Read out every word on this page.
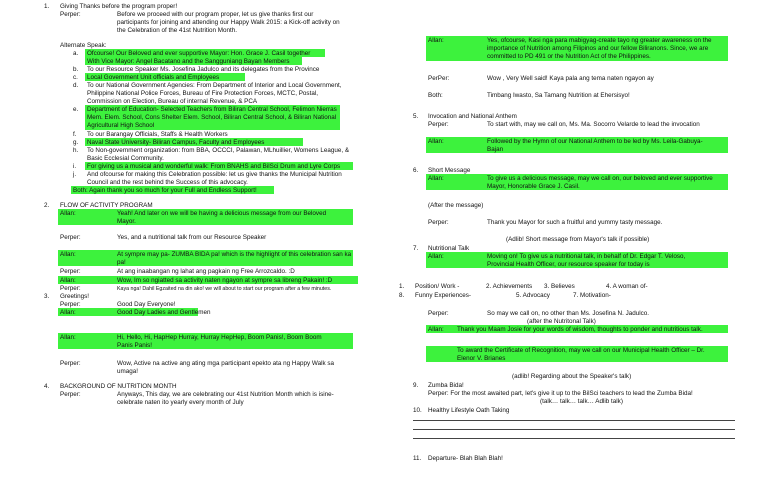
1. Giving Thanks before the program proper!
Perper:	Before we proceed with our program proper, let us give thanks first our
participants for joining and attending our Happy Walk 2015: a Kick-off activity on
the Celebration of the 41st Nutrition Month.
Alternate Speak:
a. Ofcourse! Our Beloved and ever supportive Mayor: Hon. Grace J. Casil together
With Vice Mayor: Angel Bacatano and the Sangguniang Bayan Members
b. To our Resource Speaker Ms. Josefina Jadulco and its delegates from the Province
c. Local Government Unit officials and Employees
d. To our National Government Agencies: From Department of Interior and Local Government,
Philippine National Police Forces, Bureau of Fire Protection Forces, MCTC, Postal,
Commission on Election, Bureau of internal Revenue, & PCA
e. Department of Education- Selected Teachers from Biliran Central School, Felimon Nierras
Mem. Elem. School, Cons Shelter Elem. School, Biliran Central School, & Biliran National
Agricultural High School
f. To our Barangay Officials, Staffs & Health Workers
g. Naval State University- Biliran Campus, Faculty and Employees
h. To Non-government organization: from BBA, OCCCI, Palawan, MLhuillier, Womens League, &
Basic Ecclesial Community.
i. For giving us a musical and wonderful walk: From BNAHS and BilSci Drum and Lyre Corps
j. And ofcourse for making this Celebration possible: let us give thanks the Municipal Nutrition
Council and the rest behind the Success of this advocacy.
Both: Again thank you so much for your Full and Endless Support!
2. FLOW OF ACTIVITY PROGRAM
Allan:	Yeah! And later on we will be having a delicious message from our Beloved
Mayor.
Perper:	Yes, and a nutritional talk from our Resource Speaker
Allan:	At sympre may pa- ZUMBA BIDA pa! which is the highlight of this celebration san ka
pa!
Perper:	At ang inaabangan ng lahat ang pagkain ng Free Arrozcaldo. :D
Allan:	Wow, Im so ngiatted sa activity naten ngayon at sympre sa libreng Pakain! :D
Perper:	Kaya nga! Dahil Egzaited na din ako! we will about to start our program after a few minutes.
3. Greetings!
Perper:	Good Day Everyone!
Allan:	Good Day Ladies and Gentlemen
Allan:	Hi, Hello, Hi, HapHep Hurray, Hurray HepHep, Boom Panis!, Boom Boom
Panis Panis!
Perper:	Wow, Active na active ang ating mga participant epekto ata ng Happy Walk sa
umaga!
4. BACKGROUND OF NUTRITION MONTH
Perper:	Anyways, This day, we are celebrating our 41st Nutrition Month which is isine-
celebrate naten ito yearly every month of July
Allan:	Yes, ofcourse, Kasi nga para mabigyag-create tayo ng greater awareness on the
importance of Nutrition among Filipinos and our fellow Biliranons. Since, we are
committed to PD 491 or the Nutrition Act of the Philippines.
PerPer:	Wow , Very Well said! Kaya pala ang tema naten ngayon ay
Both:	Timbang Iwasto, Sa Tamang Nutrition at Ehersisyo!
5. Invocation and National Anthem
Perper:	To start with, may we call on, Ms. Ma. Socorro Velarde to lead the invocation
Allan:	Followed by the Hymn of our National Anthem to be led by Ms. Leila-Gabuya-
Bajan
6. Short Message
Allan:	To give us a delicious message, may we call on, our beloved and ever supportive
Mayor, Honorable Grace J. Casil.
(After the message)
Perper:	Thank you Mayor for such a fruitful and yummy tasty message.
(Adlib! Short message from Mayor's talk if possible)
7. Nutritional Talk
Allan:	Moving on! To give us a nutritional talk, in behalf of Dr. Edgar T. Veloso,
Provincial Health Officer, our resource speaker for today is
1. Position/ Work -	2. Achievements 3. Believes	4. A woman of-
8. Funny Experiences-	5. Advocacy	7. Motivation-
Perper:	So may we call on, no other than Ms. Josefina N. Jadulco.
(after the Nutritonal Talk)
Allan: Thank you Maam Josie for your words of wisdom, thoughts to ponder and nutritious talk.
To award the Certificate of Recognition, may we call on our Municipal Health Officer – Dr.
Elenor V. Brianes
(adlib! Regarding about the Speaker's talk)
9. Zumba Bida!
Perper: For the most awaited part, let's give it up to the BilSci teachers to lead the Zumba Bida!
(talk… talk… talk… Adlib talk)
10. Healthy Lifestyle Oath Taking
11. Departure- Blah Blah Blah!
